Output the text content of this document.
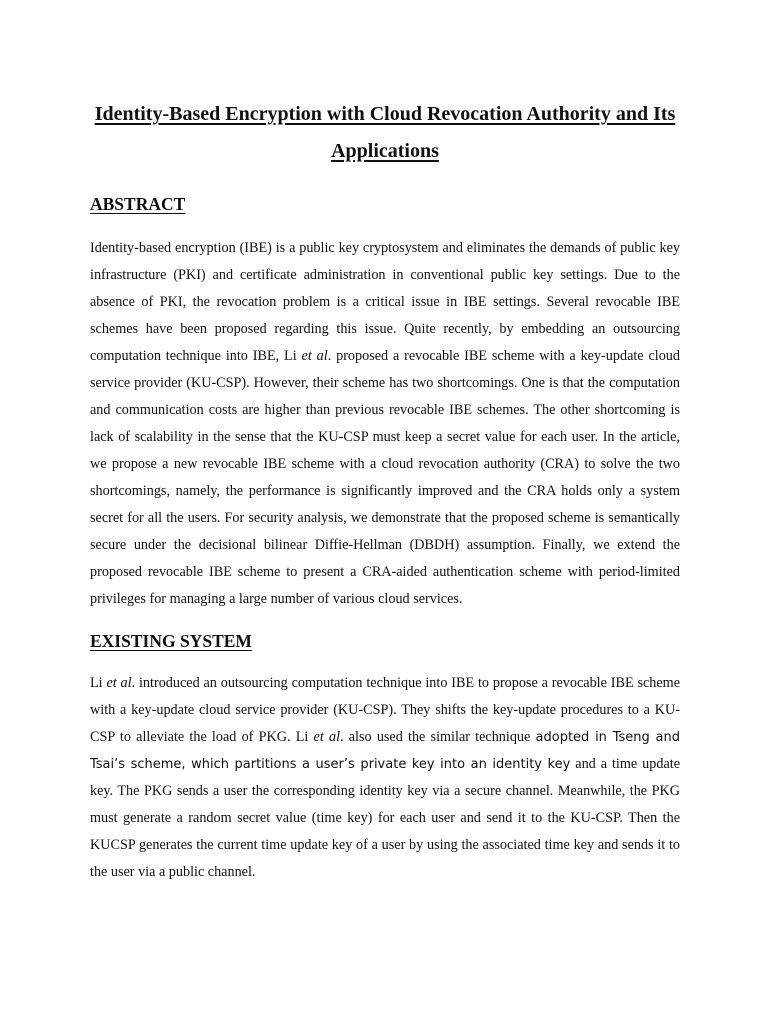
Identity-Based Encryption with Cloud Revocation Authority and Its
Applications
ABSTRACT

Identity-based encryption (IBE) is a public key cryptosystem and eliminates the demands of public key infrastructure (PKI) and certificate administration in conventional public key settings. Due to the absence of PKI, the revocation problem is a critical issue in IBE settings. Several revocable IBE schemes have been proposed regarding this issue. Quite recently, by embedding an outsourcing computation technique into IBE, Li et al. proposed a revocable IBE scheme with a key-update cloud service provider (KU-CSP). However, their scheme has two shortcomings. One is that the computation and communication costs are higher than previous revocable IBE schemes. The other shortcoming is lack of scalability in the sense that the KU-CSP must keep a secret value for each user. In the article, we propose a new revocable IBE scheme with a cloud revocation authority (CRA) to solve the two shortcomings, namely, the performance is significantly improved and the CRA holds only a system secret for all the users. For security analysis, we demonstrate that the proposed scheme is semantically secure under the decisional bilinear Diffie-Hellman (DBDH) assumption. Finally, we extend the proposed revocable IBE scheme to present a CRA-aided authentication scheme with period-limited privileges for managing a large number of various cloud services.

EXISTING SYSTEM

Li et al. introduced an outsourcing computation technique into IBE to propose a revocable IBE scheme with a key-update cloud service provider (KU-CSP). They shifts the key-update procedures to a KU-CSP to alleviate the load of PKG. Li et al. also used the similar technique adopted in Tseng and Tsai’s scheme, which partitions a user’s private key into an identity key and a time update key. The PKG sends a user the corresponding identity key via a secure channel. Meanwhile, the PKG must generate a random secret value (time key) for each user and send it to the KU-CSP. Then the KUCSP generates the current time update key of a user by using the associated time key and sends it to the user via a public channel.
